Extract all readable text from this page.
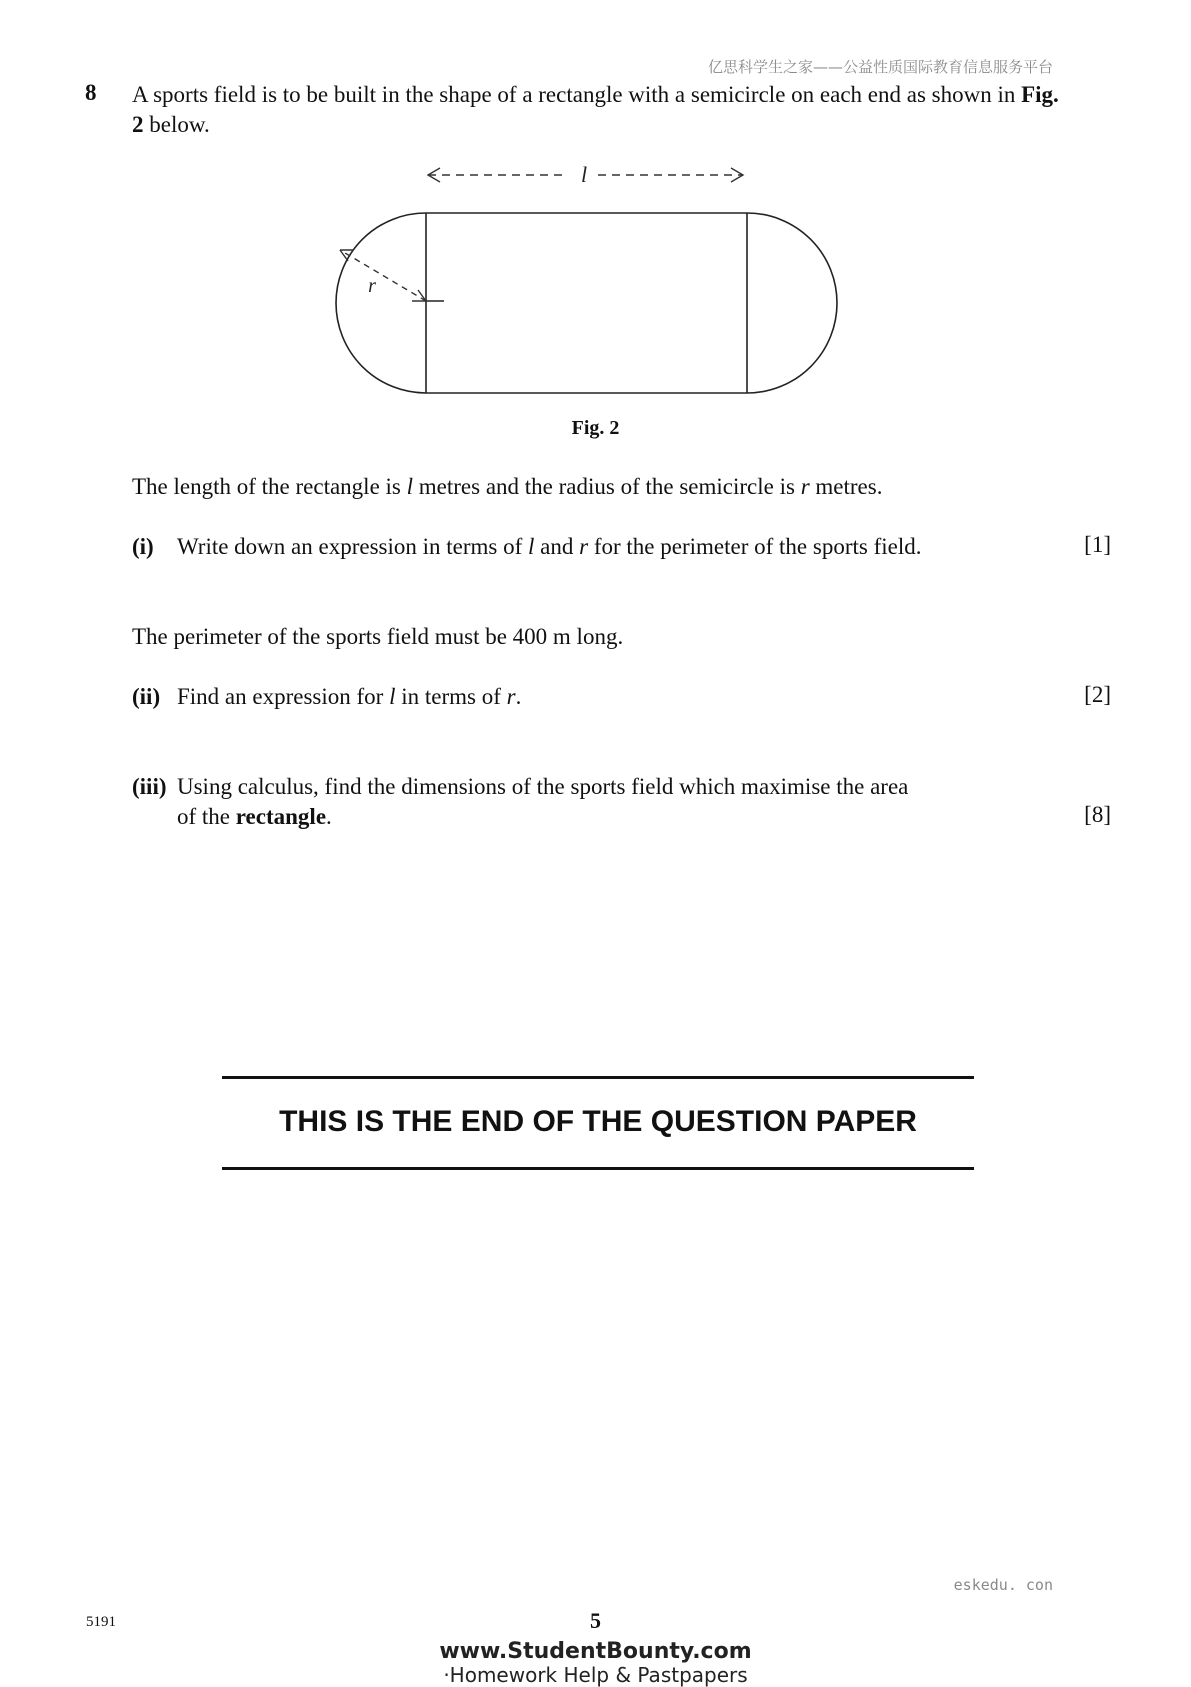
亿思科学生之家——公益性质国际教育信息服务平台
8 A sports field is to be built in the shape of a rectangle with a semicircle on each end as shown in Fig. 2 below.
l
r
Fig. 2
The length of the rectangle is l metres and the radius of the semicircle is r metres.
(i) Write down an expression in terms of l and r for the perimeter of the sports field.	[1]
The perimeter of the sports field must be 400 m long.
(ii) Find an expression for l in terms of r.	[2]
(iii) Using calculus, find the dimensions of the sports field which maximise the area
of the rectangle.	[8]
THIS IS THE END OF THE QUESTION PAPER
eskedu. con
5191	5
www.StudentBounty.com
·Homework Help & Pastpapers
